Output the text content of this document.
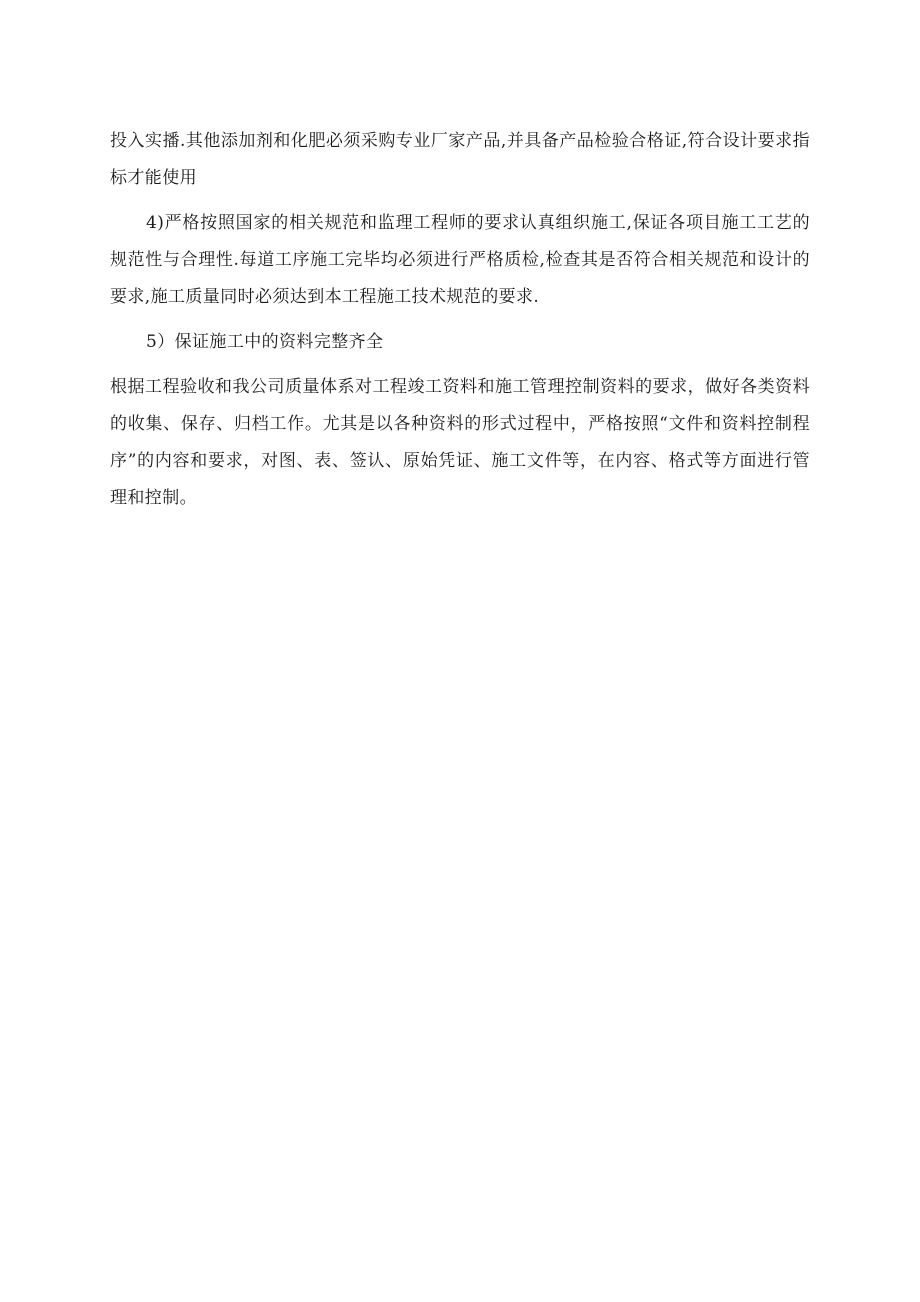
投入实播.其他添加剂和化肥必须采购专业厂家产品,并具备产品检验合格证,符合设计要求指标才能使用

4)严格按照国家的相关规范和监理工程师的要求认真组织施工,保证各项目施工工艺的规范性与合理性.每道工序施工完毕均必须进行严格质检,检查其是否符合相关规范和设计的要求,施工质量同时必须达到本工程施工技术规范的要求.

5）保证施工中的资料完整齐全

根据工程验收和我公司质量体系对工程竣工资料和施工管理控制资料的要求，做好各类资料的收集、保存、归档工作。尤其是以各种资料的形式过程中，严格按照“文件和资料控制程序”的内容和要求，对图、表、签认、原始凭证、施工文件等，在内容、格式等方面进行管理和控制。
